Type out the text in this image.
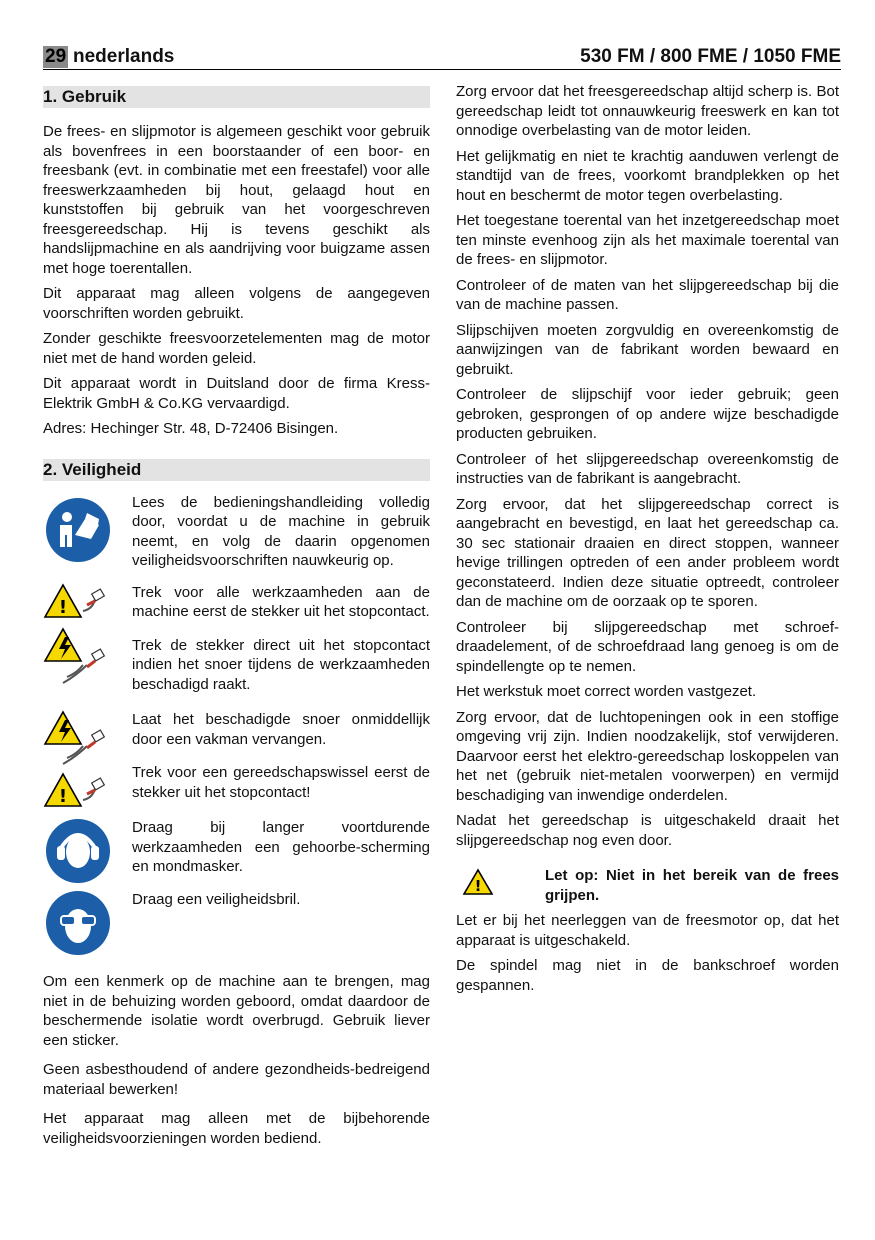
29 nederlands	530 FM / 800 FME / 1050 FME
1. Gebruik

De frees- en slijpmotor is algemeen geschikt voor gebruik als bovenfrees in een boorstaander of een boor- en freesbank (evt. in combinatie met een freestafel) voor alle freeswerkzaamheden bij hout, gelaagd hout en kunststoffen bij gebruik van het voorgeschreven freesgereedschap. Hij is tevens geschikt als handslijpmachine en als aandrijving voor buigzame assen met hoge toerentallen.

Dit apparaat mag alleen volgens de aangegeven voorschriften worden gebruikt.

Zonder geschikte freesvoorzetelementen mag de motor niet met de hand worden geleid.

Dit apparaat wordt in Duitsland door de firma Kress-Elektrik GmbH & Co.KG vervaardigd.

Adres: Hechinger Str. 48, D-72406 Bisingen.

2. Veiligheid

Lees de bedieningshandleiding volledig door, voordat u de machine in gebruik neemt, en volg de daarin opgenomen veiligheidsvoorschriften nauwkeurig op.

!

Trek voor alle werkzaamheden aan de machine eerst de stekker uit het stopcontact.

Trek de stekker direct uit het stopcontact indien het snoer tijdens de werkzaamheden beschadigd raakt.

!

Laat het beschadigde snoer onmiddellijk door een vakman vervangen.

Trek voor een gereedschapswissel eerst de stekker uit het stopcontact!

Draag bij langer voortdurende werkzaamheden een gehoorbe-scherming en mondmasker.

Draag een veiligheidsbril.

Om een kenmerk op de machine aan te brengen, mag niet in de behuizing worden geboord, omdat daardoor de beschermende isolatie wordt overbrugd. Gebruik liever een sticker.

Geen asbesthoudend of andere gezondheids-bedreigend materiaal bewerken!

Het apparaat mag alleen met de bijbehorende veiligheidsvoorzieningen worden bediend.

Zorg ervoor dat het freesgereedschap altijd scherp is. Bot gereedschap leidt tot onnauwkeurig freeswerk en kan tot onnodige overbelasting van de motor leiden.

Het gelijkmatig en niet te krachtig aanduwen verlengt de standtijd van de frees, voorkomt brandplekken op het hout en beschermt de motor tegen overbelasting.

Het toegestane toerental van het inzetgereedschap moet ten minste evenhoog zijn als het maximale toerental van de frees- en slijpmotor.

Controleer of de maten van het slijpgereedschap bij die van de machine passen.

Slijpschijven moeten zorgvuldig en overeenkomstig de aanwijzingen van de fabrikant worden bewaard en gebruikt.

Controleer de slijpschijf voor ieder gebruik; geen gebroken, gesprongen of op andere wijze beschadigde producten gebruiken.

Controleer of het slijpgereedschap overeenkomstig de instructies van de fabrikant is aangebracht.

Zorg ervoor, dat het slijpgereedschap correct is aangebracht en bevestigd, en laat het gereedschap ca. 30 sec stationair draaien en direct stoppen, wanneer hevige trillingen optreden of een ander probleem wordt geconstateerd. Indien deze situatie optreedt, controleer dan de machine om de oorzaak op te sporen.

Controleer bij slijpgereedschap met schroef-draadelement, of de schroefdraad lang genoeg is om de spindellengte op te nemen.

Het werkstuk moet correct worden vastgezet.

Zorg ervoor, dat de luchtopeningen ook in een stoffige omgeving vrij zijn. Indien noodzakelijk, stof verwijderen. Daarvoor eerst het elektro-gereedschap loskoppelen van het net (gebruik niet-metalen voorwerpen) en vermijd beschadiging van inwendige onderdelen.

Nadat het gereedschap is uitgeschakeld draait het slijpgereedschap nog even door.

!
Let op: Niet in het bereik van de frees grijpen.

Let er bij het neerleggen van de freesmotor op, dat het apparaat is uitgeschakeld.

De spindel mag niet in de bankschroef worden gespannen.
